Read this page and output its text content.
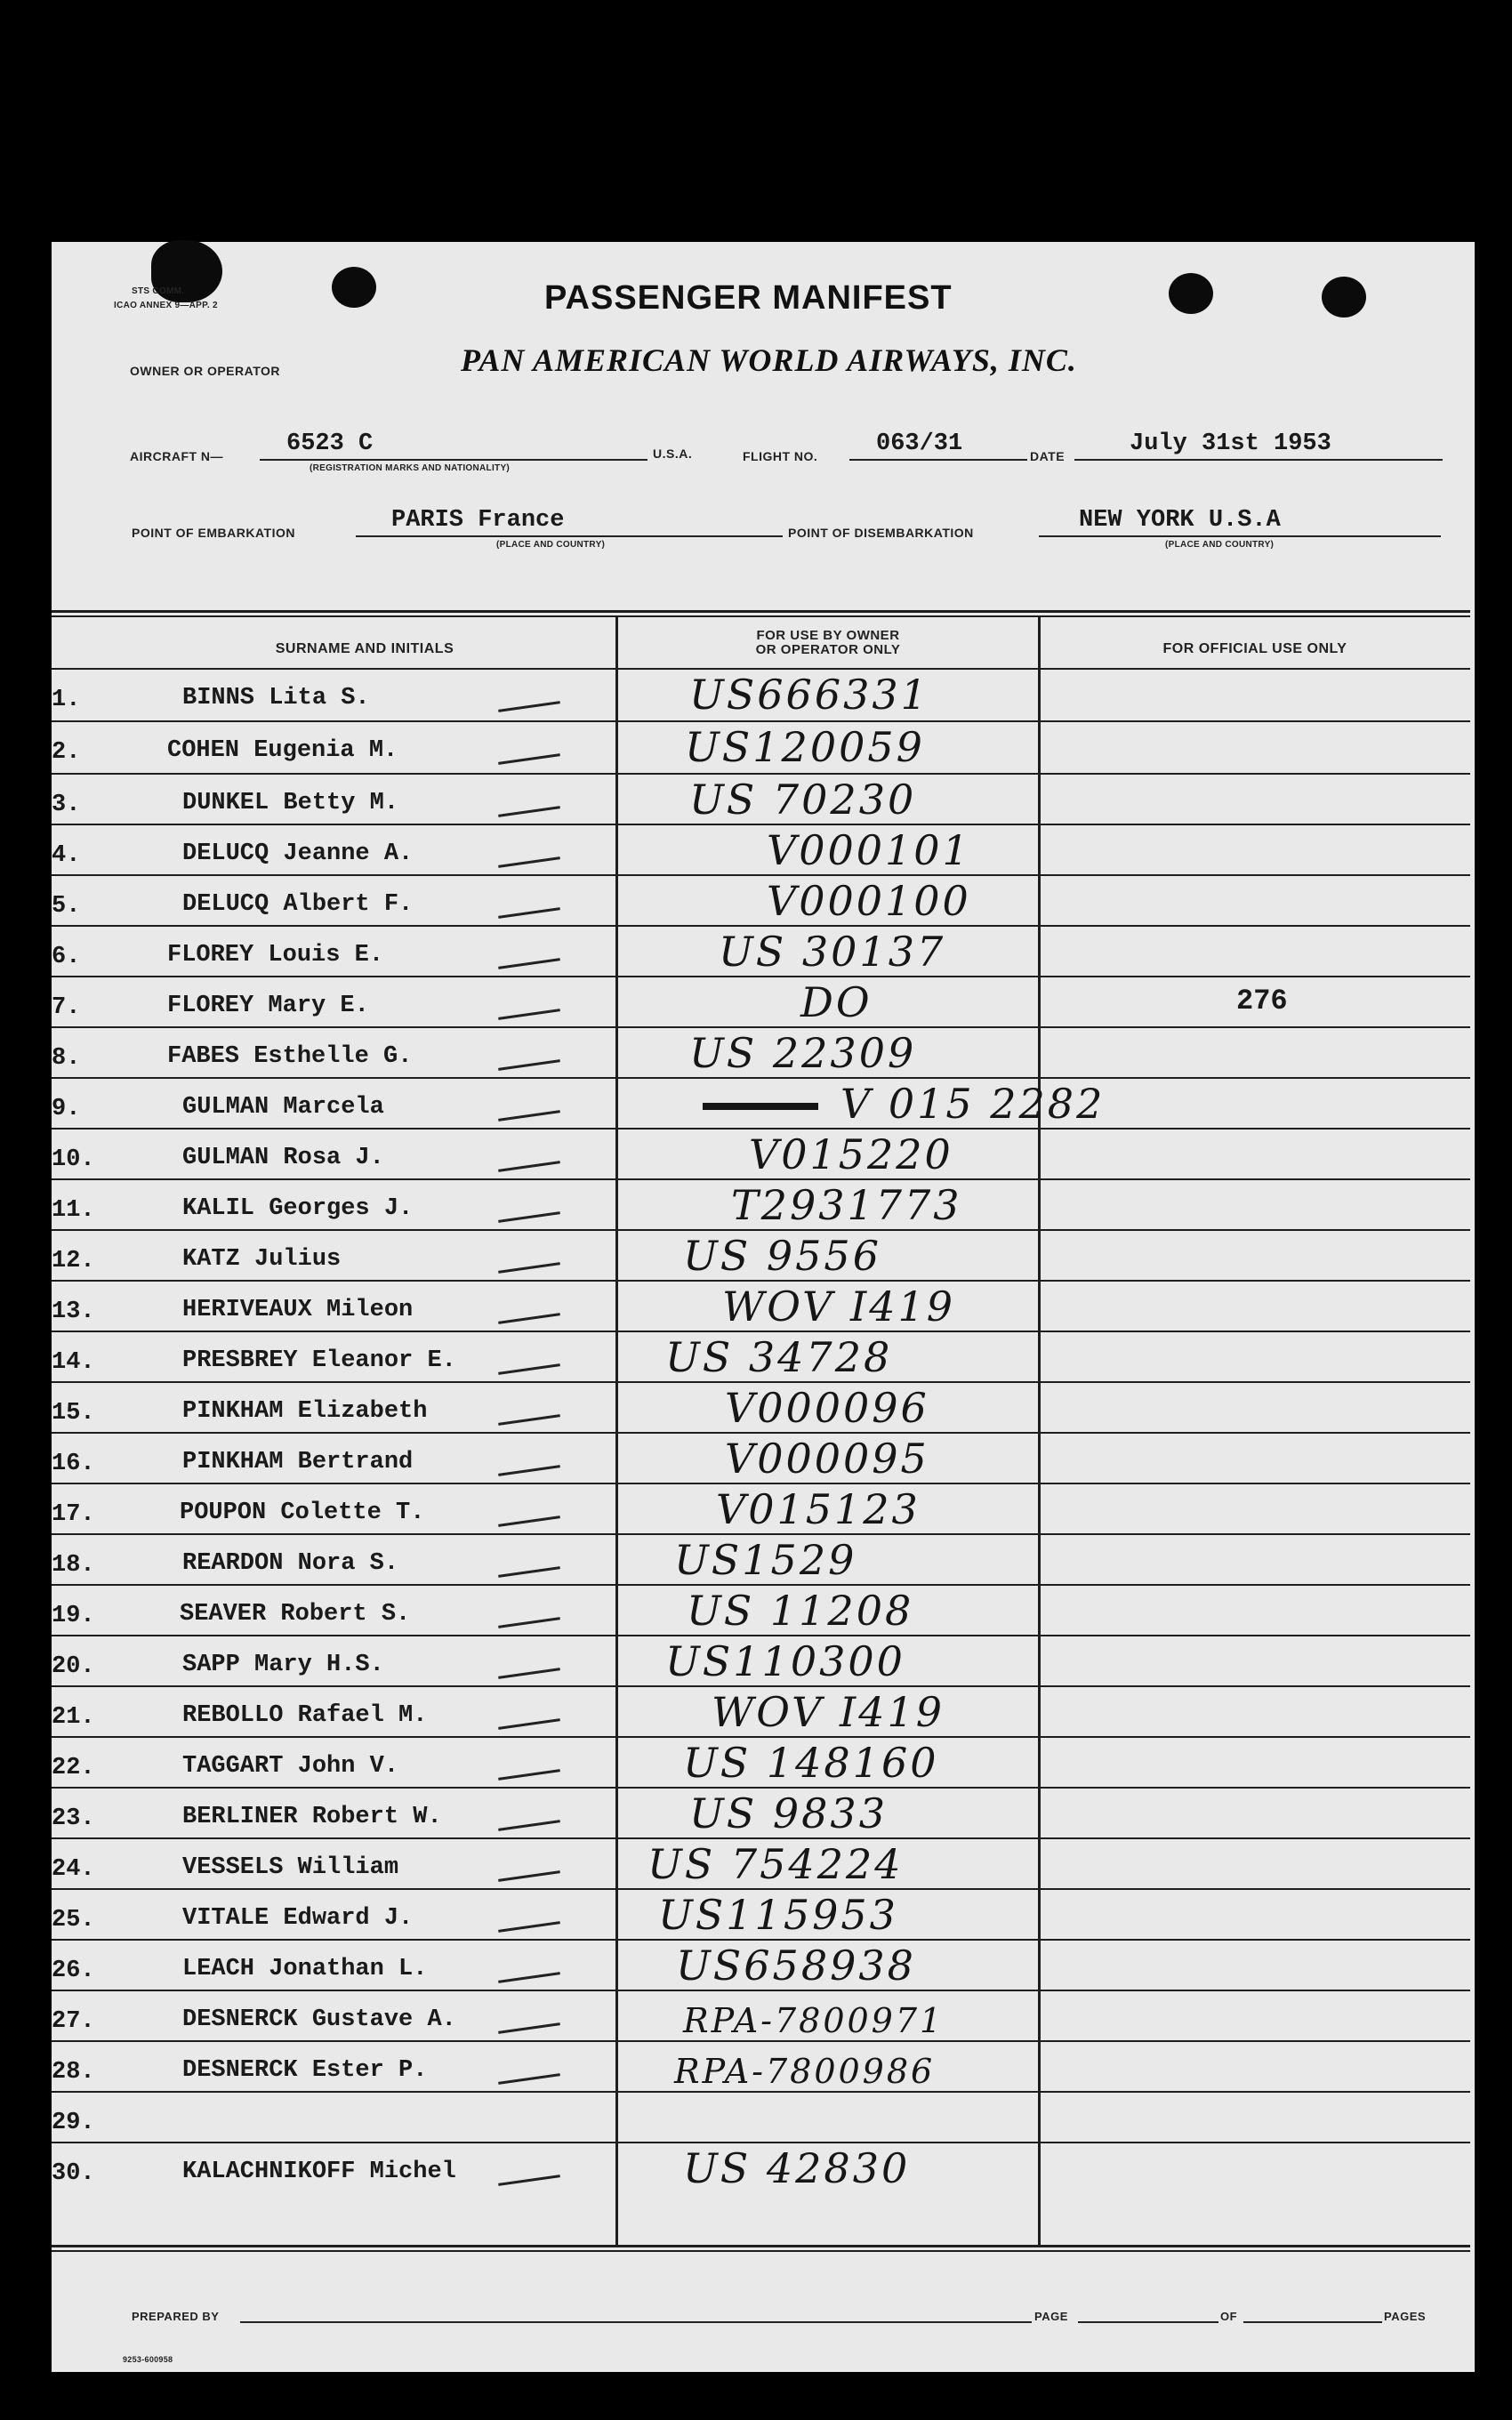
STS COMM.
ICAO ANNEX 9—APP. 2	PASSENGER MANIFEST
OWNER OR OPERATOR	PAN AMERICAN WORLD AIRWAYS, INC.
AIRCRAFT N—	6523 C
(REGISTRATION MARKS AND NATIONALITY)
U.S.A.	FLIGHT NO. 063/31	DATE	July 31st 1953
POINT OF EMBARKATION	PARIS France
(PLACE AND COUNTRY)
POINT OF DISEMBARKATION	NEW YORK U.S.A
(PLACE AND COUNTRY)
SURNAME AND INITIALS
FOR USE BY OWNER
OR OPERATOR ONLY	FOR OFFICIAL USE ONLY
1.	BINNS Lita S.	US666331
2.	COHEN Eugenia M.	US120059
3.	DUNKEL Betty M.	US 70230
4.	DELUCQ Jeanne A.	V000101
5.	DELUCQ Albert F.	V000100
6.	FLOREY Louis E.	US 30137
7.	FLOREY Mary E.	DO	276
8.	FABES Esthelle G.	US 22309
9.	GULMAN Marcela	V 015 2282
10.	GULMAN Rosa J.	V015220
11.	KALIL Georges J.	T2931773
12.	KATZ Julius	US 9556
13.	HERIVEAUX Mileon	WOV I419
14.	PRESBREY Eleanor E.	US 34728
15.	PINKHAM Elizabeth	V000096
16.	PINKHAM Bertrand	V000095
17.	POUPON Colette T.	V015123
18.	REARDON Nora S.	US1529
19.	SEAVER Robert S.	US 11208
20.	SAPP Mary H.S.	US110300
21.	REBOLLO Rafael M.	WOV I419
22.	TAGGART John V.	US 148160
23.	BERLINER Robert W.	US 9833
24.	VESSELS William	US 754224
25.	VITALE Edward J.	US115953
26.	LEACH Jonathan L.	US658938
27.	DESNERCK Gustave A.	RPA-7800971
28.	DESNERCK Ester P.	RPA-7800986
29.
30.	KALACHNIKOFF Michel	US 42830
PREPARED BY	PAGE	OF	PAGES
9253-600958
